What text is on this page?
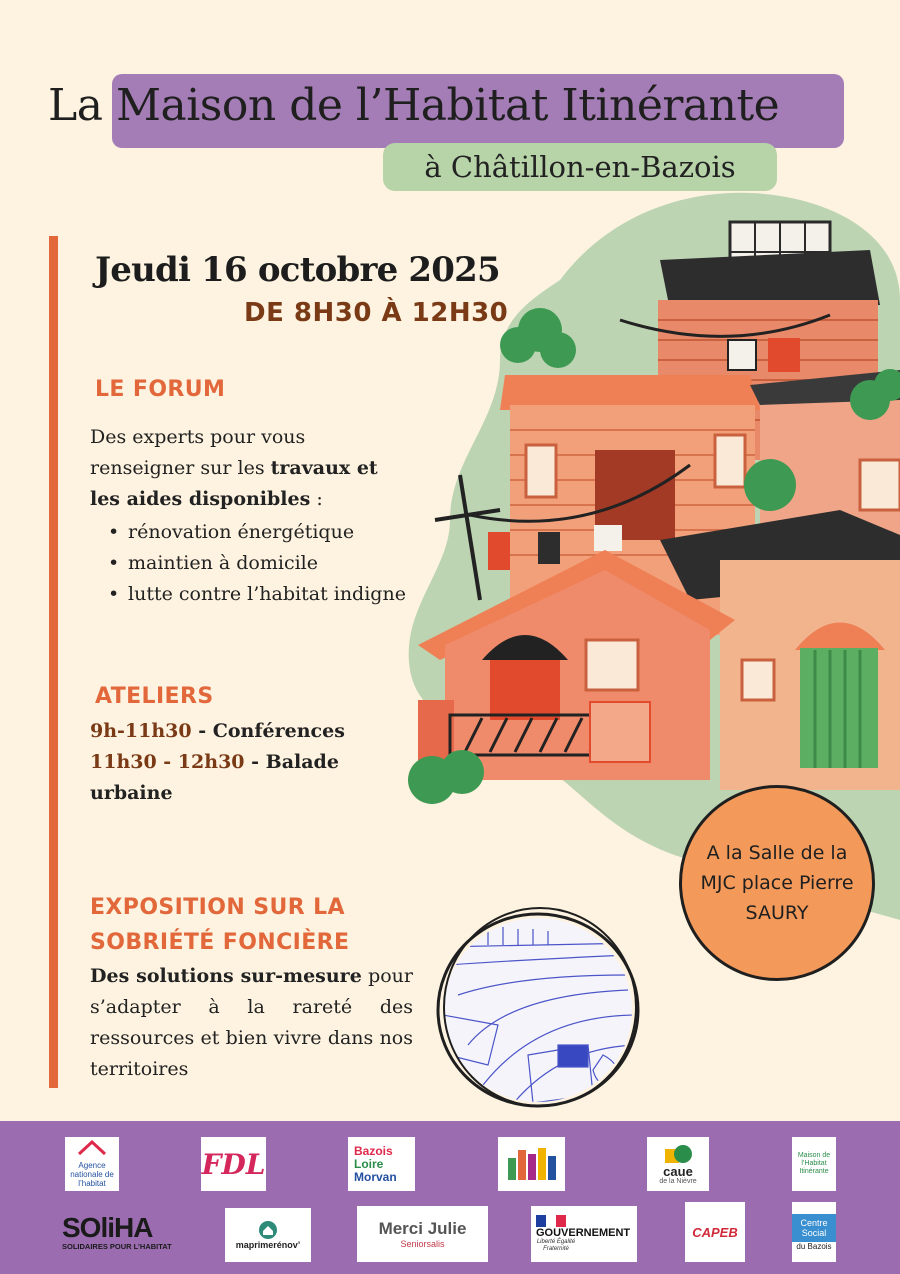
La Maison de l’Habitat Itinérante
à Châtillon-en-Bazois
Jeudi 16 octobre 2025
DE 8H30 À 12H30
LE FORUM
Des experts pour vous renseigner sur les travaux et les aides disponibles :
• rénovation énergétique
• maintien à domicile
• lutte contre l’habitat indigne
ATELIERS
9h-11h30 - Conférences
11h30 - 12h30 - Balade urbaine
EXPOSITION SUR LA
SOBRIÉTÉ FONCIÈRE
Des solutions sur-mesure pour s’adapter à la rareté des ressources et bien vivre dans nos territoires
A la Salle de la MJC place Pierre SAURY
Agence nationale de l’habitat
FDL	Bazois
Loire
Morvan	caue
de la Nièvre
Maison de l’Habitat Itinérante
SOliHA
SOLIDAIRES POUR L’HABITAT	maprimerénov’
Merci Julie
Seniorsalis
GOUVERNEMENT
Liberté Égalité Fraternité
CAPEB
Centre Social
du Bazois
